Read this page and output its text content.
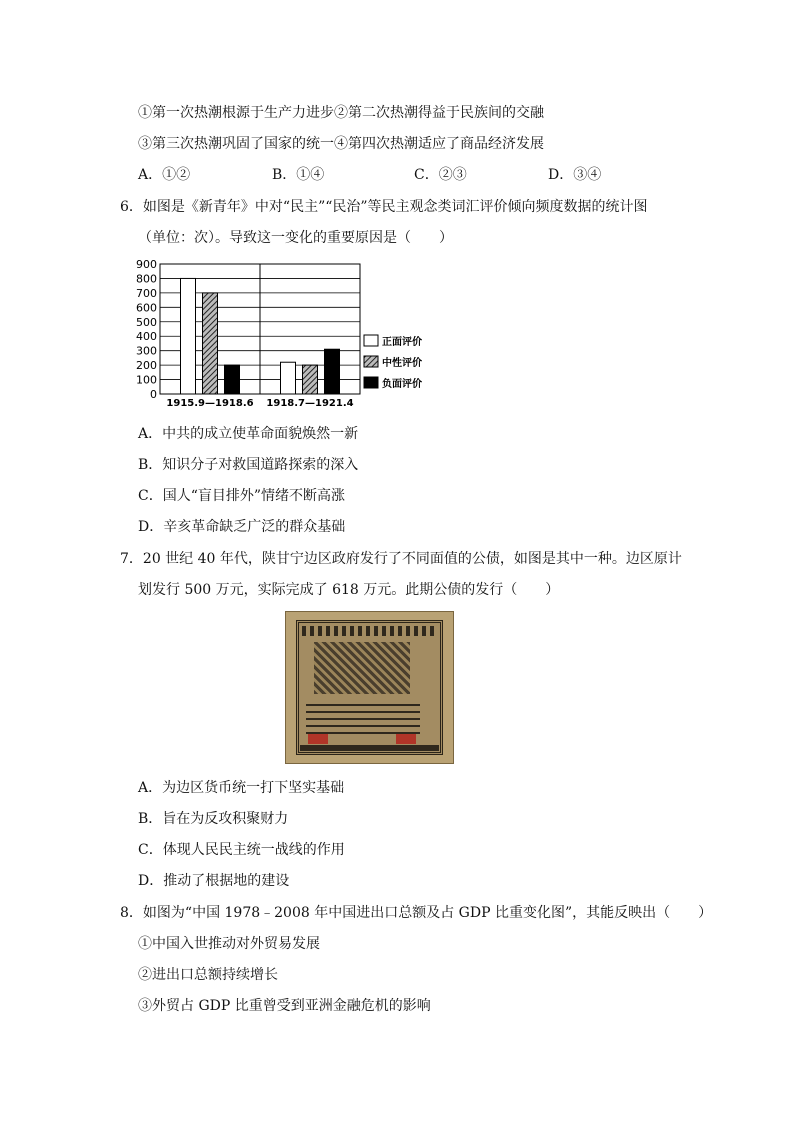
①第一次热潮根源于生产力进步②第二次热潮得益于民族间的交融
③第三次热潮巩固了国家的统一④第四次热潮适应了商品经济发展
A．①②	B．①④	C．②③	D．③④
6．如图是《新青年》中对“民主”“民治”等民主观念类词汇评价倾向频度数据的统计图
（单位：次）。导致这一变化的重要原因是（　　）
0
100
200
300
400
500
600
700
800
900
1915.9—1918.6 1918.7—1921.4
正面评价
中性评价
负面评价
A．中共的成立使革命面貌焕然一新
B．知识分子对救国道路探索的深入
C．国人“盲目排外”情绪不断高涨
D．辛亥革命缺乏广泛的群众基础
7．20 世纪 40 年代，陕甘宁边区政府发行了不同面值的公债，如图是其中一种。边区原计
划发行 500 万元，实际完成了 618 万元。此期公债的发行（　　）
A．为边区货币统一打下坚实基础
B．旨在为反攻积聚财力
C．体现人民民主统一战线的作用
D．推动了根据地的建设
8．如图为“中国 1978﹣2008 年中国进出口总额及占 GDP 比重变化图”，其能反映出（　　）
①中国入世推动对外贸易发展
②进出口总额持续增长
③外贸占 GDP 比重曾受到亚洲金融危机的影响
